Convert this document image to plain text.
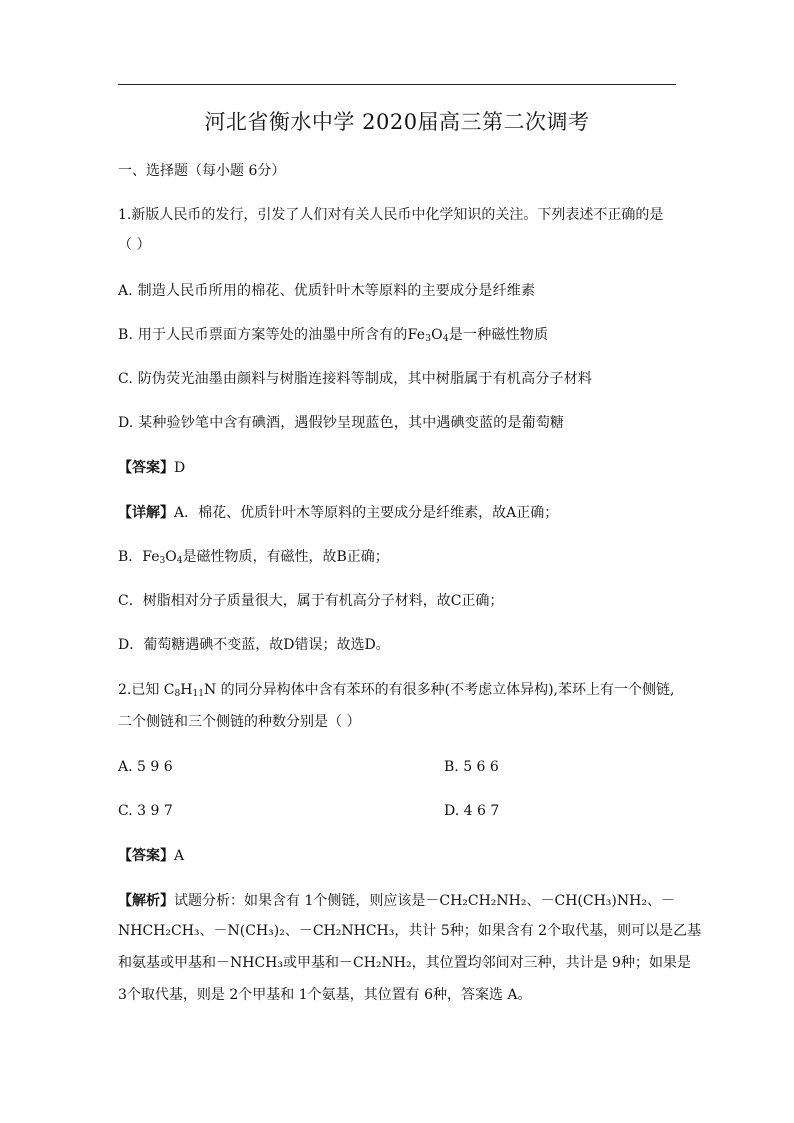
河北省衡水中学 2020届高三第二次调考
一、选择题（每小题 6分）
1.新版人民币的发行，引发了人们对有关人民币中化学知识的关注。下列表述不正确的是
（ ）
A. 制造人民币所用的棉花、优质针叶木等原料的主要成分是纤维素
B. 用于人民币票面方案等处的油墨中所含有的$Fe_3O_4$是一种磁性物质
C. 防伪荧光油墨由颜料与树脂连接料等制成，其中树脂属于有机高分子材料
D. 某种验钞笔中含有碘酒，遇假钞呈现蓝色，其中遇碘变蓝的是葡萄糖
【答案】D
【详解】A．棉花、优质针叶木等原料的主要成分是纤维素，故A正确；
B．$Fe_3O_4$是磁性物质，有磁性，故B正确；
C．树脂相对分子质量很大，属于有机高分子材料，故C正确；
D．葡萄糖遇碘不变蓝，故D错误；故选D。
2.已知 $C_8H_{11}N$ 的同分异构体中含有苯环的有很多种(不考虑立体异构),苯环上有一个侧链,
二个侧链和三个侧链的种数分别是（ ）
A. 5 9 6	B. 5 6 6
C. 3 9 7	D. 4 6 7
【答案】A
【解析】试题分析：如果含有 1个侧链，则应该是－CH₂CH₂NH₂、－CH(CH₃)NH₂、－
NHCH₂CH₃、－N(CH₃)₂、－CH₂NHCH₃，共计 5种；如果含有 2个取代基，则可以是乙基
和氨基或甲基和－NHCH₃或甲基和－CH₂NH₂，其位置均邻间对三种，共计是 9种；如果是
3个取代基，则是 2个甲基和 1个氨基，其位置有 6种，答案选 A。
